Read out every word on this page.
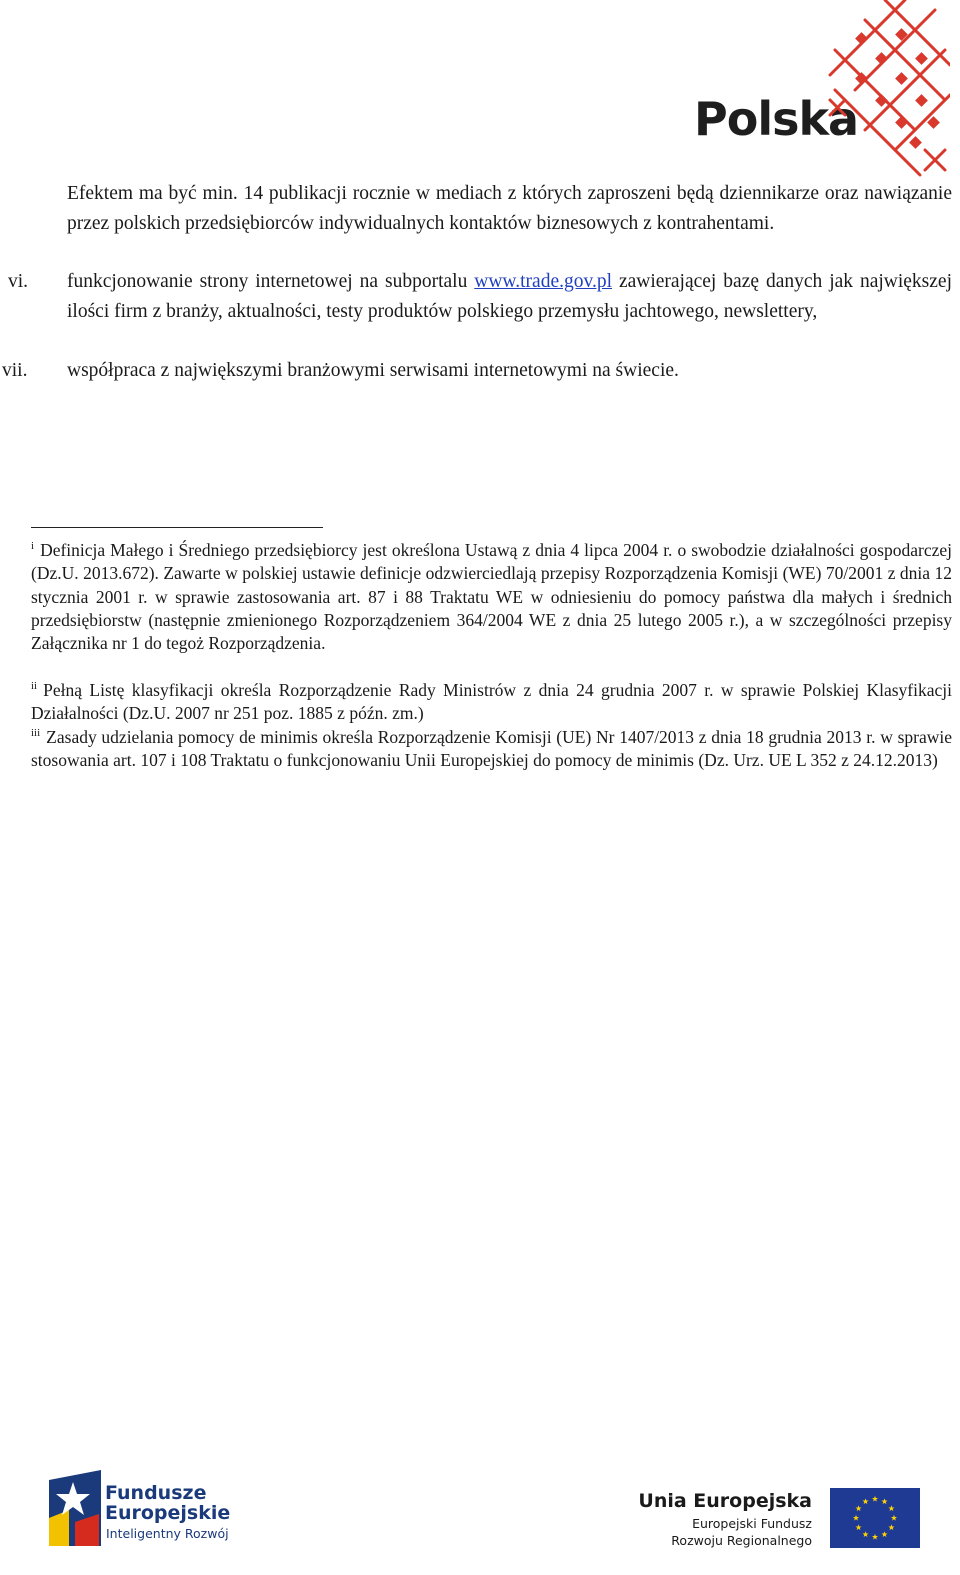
Polska
Efektem ma być min. 14 publikacji rocznie w mediach z których zaproszeni będą dziennikarze oraz nawiązanie przez polskich przedsiębiorców indywidualnych kontaktów biznesowych z kontrahentami.
vi. funkcjonowanie strony internetowej na subportalu www.trade.gov.pl zawierającej bazę danych jak największej ilości firm z branży, aktualności, testy produktów polskiego przemysłu jachtowego, newslettery,
vii. współpraca z największymi branżowymi serwisami internetowymi na świecie.
$^i$ Definicja Małego i Średniego przedsiębiorcy jest określona Ustawą z dnia 4 lipca 2004 r. o swobodzie działalności gospodarczej (Dz.U. 2013.672). Zawarte w polskiej ustawie definicje odzwierciedlają przepisy Rozporządzenia Komisji (WE) 70/2001 z dnia 12 stycznia 2001 r. w sprawie zastosowania art. 87 i 88 Traktatu WE w odniesieniu do pomocy państwa dla małych i średnich przedsiębiorstw (następnie zmienionego Rozporządzeniem 364/2004 WE z dnia 25 lutego 2005 r.), a w szczególności przepisy Załącznika nr 1 do tegoż Rozporządzenia.
$^{ii}$ Pełną Listę klasyfikacji określa Rozporządzenie Rady Ministrów z dnia 24 grudnia 2007 r. w sprawie Polskiej Klasyfikacji Działalności (Dz.U. 2007 nr 251 poz. 1885 z późn. zm.)
$^{iii}$ Zasady udzielania pomocy de minimis określa Rozporządzenie Komisji (UE) Nr 1407/2013 z dnia 18 grudnia 2013 r. w sprawie stosowania art. 107 i 108 Traktatu o funkcjonowaniu Unii Europejskiej do pomocy de minimis (Dz. Urz. UE L 352 z 24.12.2013)
Fundusze
Europejskie
Inteligentny Rozwój
Unia Europejska
Europejski Fundusz
Rozwoju Regionalnego
